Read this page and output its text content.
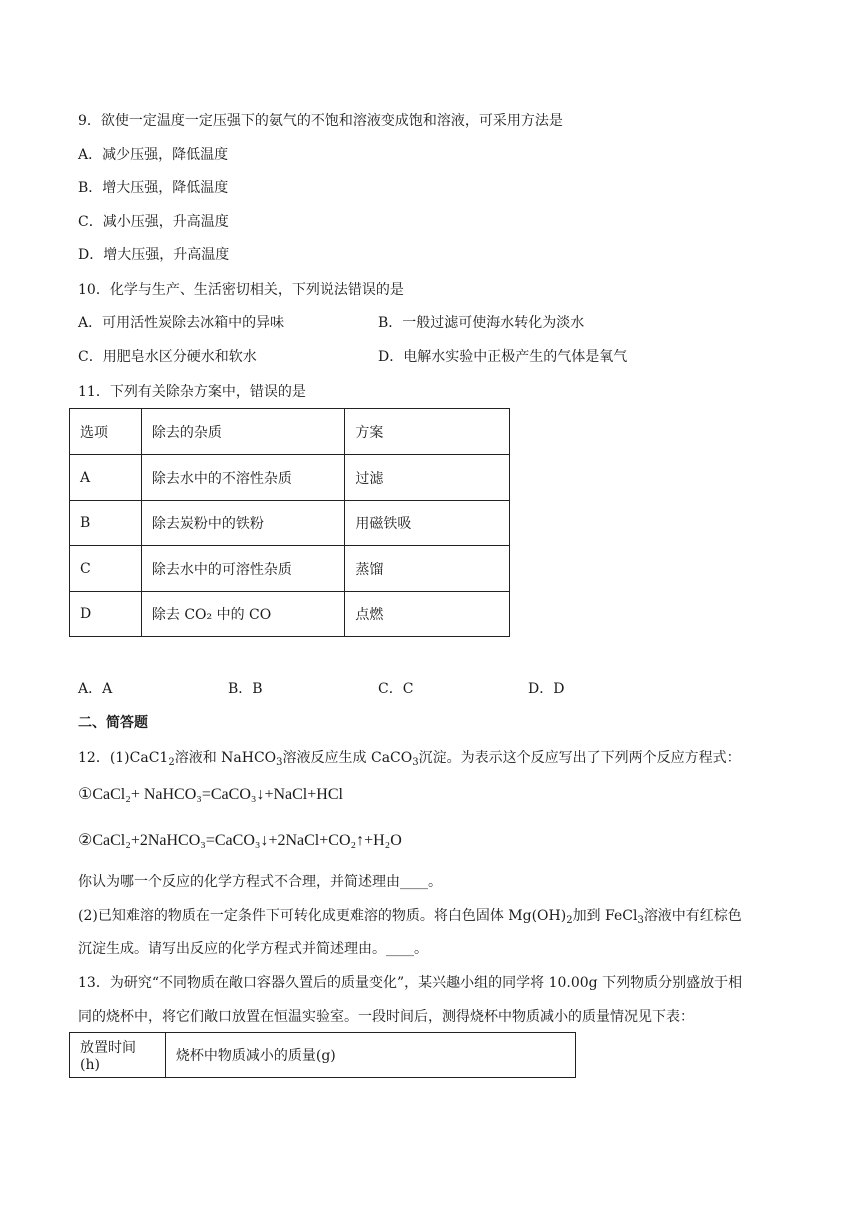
9．欲使一定温度一定压强下的氨气的不饱和溶液变成饱和溶液，可采用方法是
A．减少压强，降低温度
B．增大压强，降低温度
C．减小压强，升高温度
D．增大压强，升高温度
10．化学与生产、生活密切相关，下列说法错误的是
A．可用活性炭除去冰箱中的异味	B．一般过滤可使海水转化为淡水
C．用肥皂水区分硬水和软水	D．电解水实验中正极产生的气体是氧气
11．下列有关除杂方案中，错误的是
选项	除去的杂质	方案
A	除去水中的不溶性杂质	过滤
B	除去炭粉中的铁粉	用磁铁吸
C	除去水中的可溶性杂质	蒸馏
D	除去 CO₂ 中的 CO	点燃
A．A	B．B	C．C	D．D
二、简答题
12．$(1)CaC1_2$溶液和 NaHCO$_3$溶液反应生成 CaCO$_3$沉淀。为表示这个反应写出了下列两个反应方程式：
①CaCl₂+ NaHCO₃=CaCO₃↓+NaCl+HCl
②CaCl₂+2NaHCO₃=CaCO₃↓+2NaCl+CO₂↑+H₂O
你认为哪一个反应的化学方程式不合理，并简述理由____。
(2)已知难溶的物质在一定条件下可转化成更难溶的物质。将白色固体 $Mg(OH)_2$加到 FeCl$_3$溶液中有红棕色
沉淀生成。请写出反应的化学方程式并简述理由。____。
13．为研究“不同物质在敞口容器久置后的质量变化”，某兴趣小组的同学将 10.00g 下列物质分别盛放于相
同的烧杯中，将它们敞口放置在恒温实验室。一段时间后，测得烧杯中物质减小的质量情况见下表：
放置时间(h)	烧杯中物质减小的质量(g)
